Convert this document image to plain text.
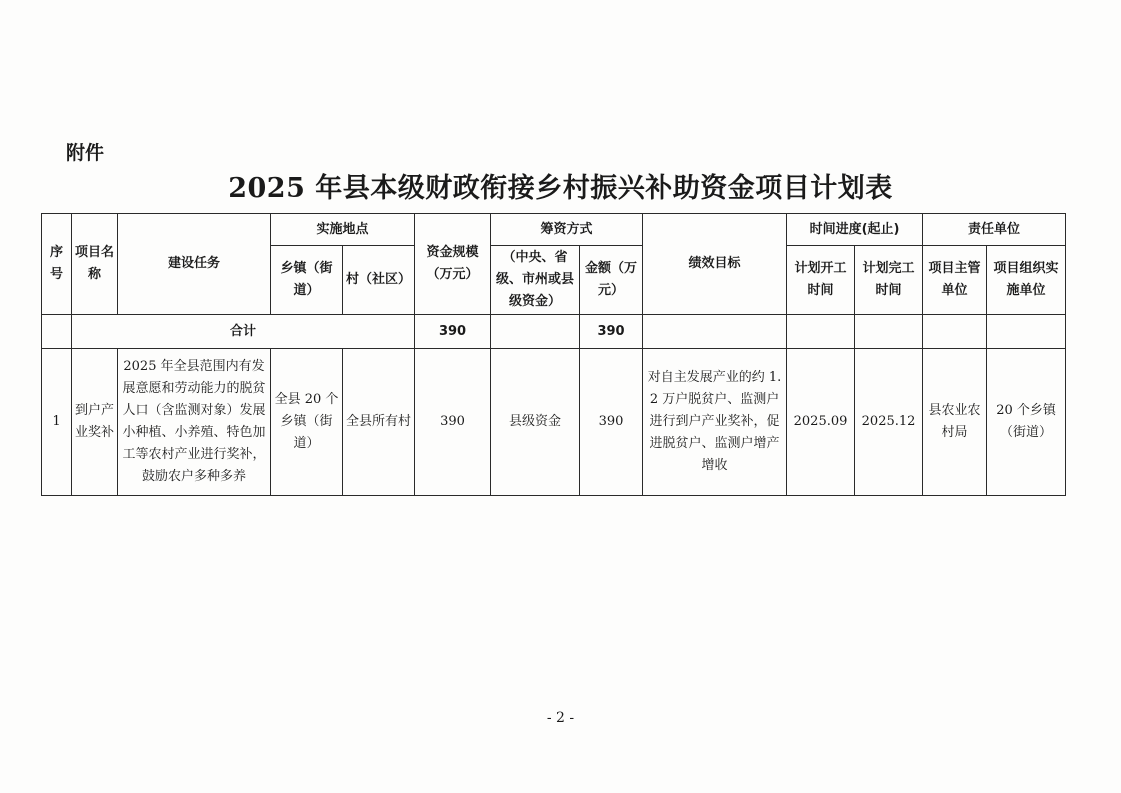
附件
2025 年县本级财政衔接乡村振兴补助资金项目计划表
序号	项目名称	建设任务	实施地点		资金规模（万元）	筹资方式		绩效目标	时间进度(起止)		责任单位	
			乡镇（街道）	村（社区）		（中央、省级、市州或县级资金）	金额（万元）		计划开工时间	计划完工时间	项目主管单位	项目组织实施单位
	合计				390		390					
1	到户产业奖补	2025 年全县范围内有发展意愿和劳动能力的脱贫人口（含监测对象）发展小种植、小养殖、特色加工等农村产业进行奖补，鼓励农户多种多养	全县 20 个乡镇（街道）	全县所有村	390	县级资金	390	对自主发展产业的约 1.2 万户脱贫户、监测户进行到户产业奖补，促进脱贫户、监测户增产增收	2025.09	2025.12	县农业农村局	20 个乡镇（街道）
- 2 -
